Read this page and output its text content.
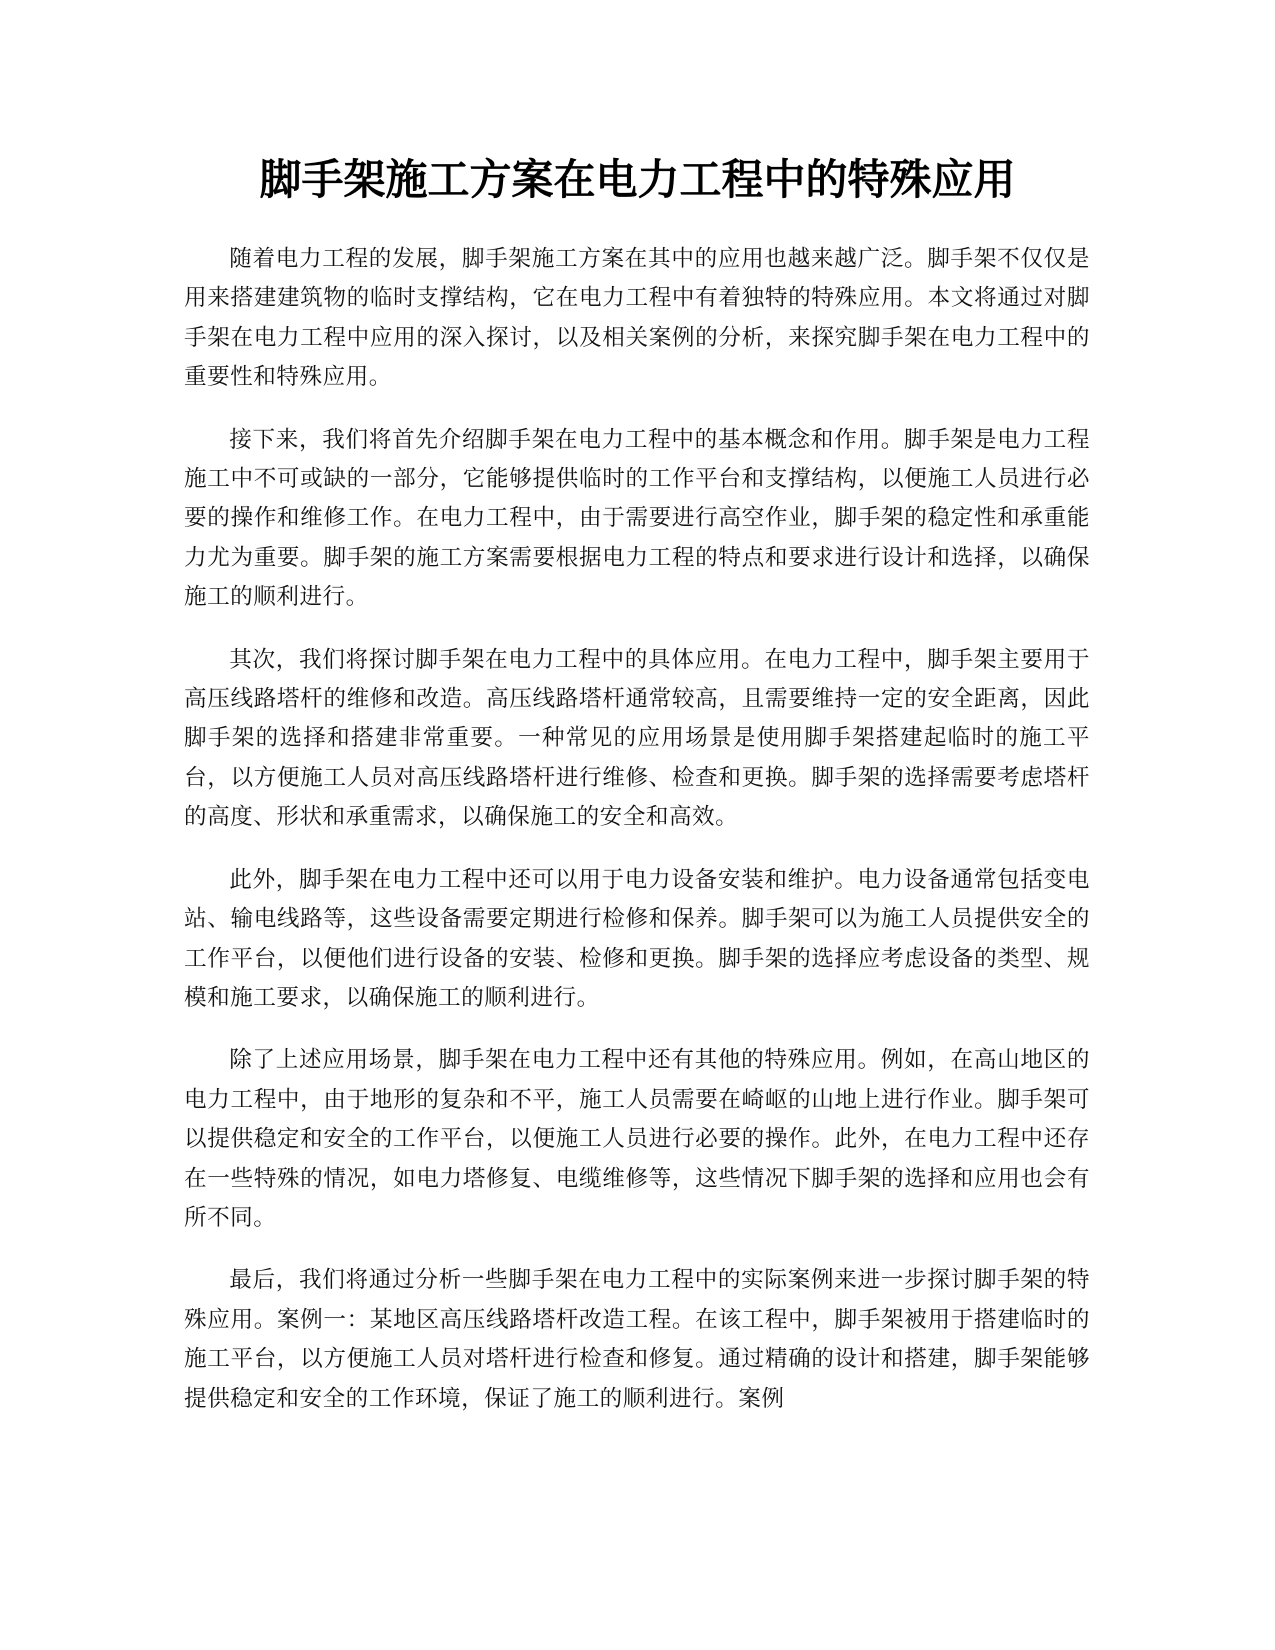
脚手架施工方案在电力工程中的特殊应用

随着电力工程的发展，脚手架施工方案在其中的应用也越来越广泛。脚手架不仅仅是用来搭建建筑物的临时支撑结构，它在电力工程中有着独特的特殊应用。本文将通过对脚手架在电力工程中应用的深入探讨，以及相关案例的分析，来探究脚手架在电力工程中的重要性和特殊应用。

接下来，我们将首先介绍脚手架在电力工程中的基本概念和作用。脚手架是电力工程施工中不可或缺的一部分，它能够提供临时的工作平台和支撑结构，以便施工人员进行必要的操作和维修工作。在电力工程中，由于需要进行高空作业，脚手架的稳定性和承重能力尤为重要。脚手架的施工方案需要根据电力工程的特点和要求进行设计和选择，以确保施工的顺利进行。

其次，我们将探讨脚手架在电力工程中的具体应用。在电力工程中，脚手架主要用于高压线路塔杆的维修和改造。高压线路塔杆通常较高，且需要维持一定的安全距离，因此脚手架的选择和搭建非常重要。一种常见的应用场景是使用脚手架搭建起临时的施工平台，以方便施工人员对高压线路塔杆进行维修、检查和更换。脚手架的选择需要考虑塔杆的高度、形状和承重需求，以确保施工的安全和高效。

此外，脚手架在电力工程中还可以用于电力设备安装和维护。电力设备通常包括变电站、输电线路等，这些设备需要定期进行检修和保养。脚手架可以为施工人员提供安全的工作平台，以便他们进行设备的安装、检修和更换。脚手架的选择应考虑设备的类型、规模和施工要求，以确保施工的顺利进行。

除了上述应用场景，脚手架在电力工程中还有其他的特殊应用。例如，在高山地区的电力工程中，由于地形的复杂和不平，施工人员需要在崎岖的山地上进行作业。脚手架可以提供稳定和安全的工作平台，以便施工人员进行必要的操作。此外，在电力工程中还存在一些特殊的情况，如电力塔修复、电缆维修等，这些情况下脚手架的选择和应用也会有所不同。

最后，我们将通过分析一些脚手架在电力工程中的实际案例来进一步探讨脚手架的特殊应用。案例一：某地区高压线路塔杆改造工程。在该工程中，脚手架被用于搭建临时的施工平台，以方便施工人员对塔杆进行检查和修复。通过精确的设计和搭建，脚手架能够提供稳定和安全的工作环境，保证了施工的顺利进行。案例
